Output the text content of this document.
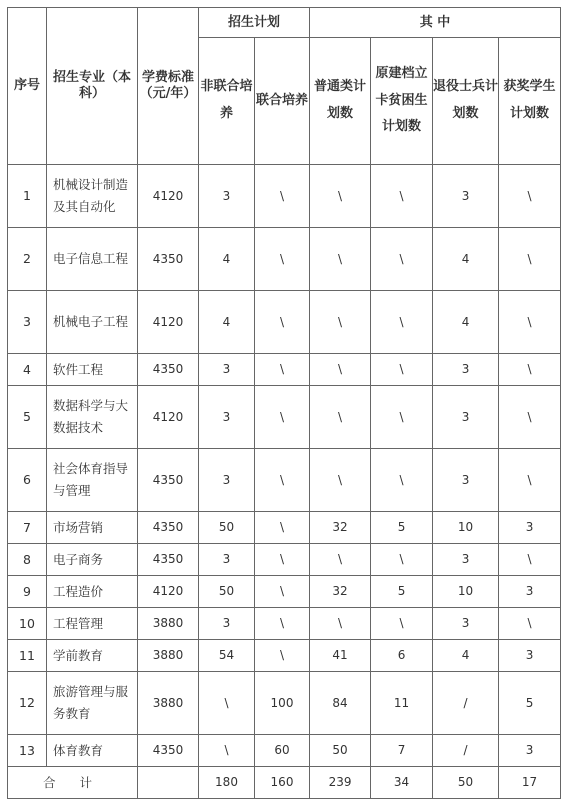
序号	招生专业（本科）	学费标准（元/年）	招生计划		其 中			
			非联合培养	联合培养	普通类计划数	原建档立卡贫困生计划数	退役士兵计划数	获奖学生计划数
1	机械设计制造及其自动化	4120	3	\	\	\	3	\
2	电子信息工程	4350	4	\	\	\	4	\
3	机械电子工程	4120	4	\	\	\	4	\
4	软件工程	4350	3	\	\	\	3	\
5	数据科学与大数据技术	4120	3	\	\	\	3	\
6	社会体育指导与管理	4350	3	\	\	\	3	\
7	市场营销	4350	50	\	32	5	10	3
8	电子商务	4350	3	\	\	\	3	\
9	工程造价	4120	50	\	32	5	10	3
10	工程管理	3880	3	\	\	\	3	\
11	学前教育	3880	54	\	41	6	4	3
12	旅游管理与服务教育	3880	\	100	84	11	/	5
13	体育教育	4350	\	60	50	7	/	3
合 计			180	160	239	34	50	17
